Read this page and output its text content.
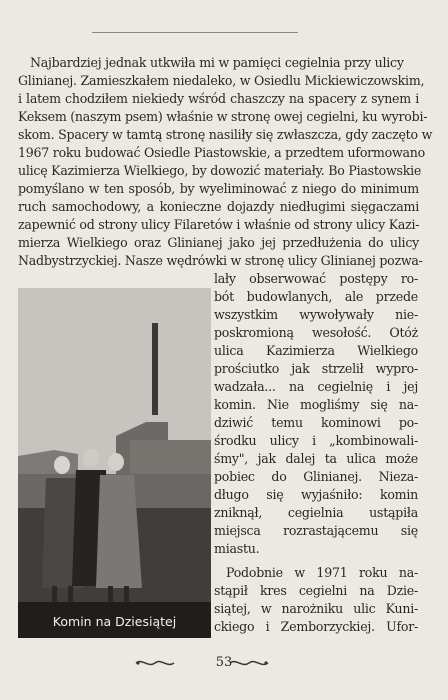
Najbardziej jednak utkwiła mi w pamięci cegielnia przy ulicy

Glinianej. Zamieszkałem niedaleko, w Osiedlu Mickiewiczowskim,

i latem chodziłem niekiedy wśród chaszczy na spacery z synem i

Keksem (naszym psem) właśnie w stronę owej cegielni, ku wyrobi-

skom. Spacery w tamtą stronę nasiliły się zwłaszcza, gdy zaczęto w

1967 roku budować Osiedle Piastowskie, a przedtem uformowano

ulicę Kazimierza Wielkiego, by dowozić materiały. Bo Piastowskie

pomyślano w ten sposób, by wyeliminować z niego do minimum

ruch samochodowy, a konieczne dojazdy niedługimi sięgaczami

zapewnić od strony ulicy Filaretów i właśnie od strony ulicy Kazi-

mierza Wielkiego oraz Glinianej jako jej przedłużenia do ulicy

Nadbystrzyckiej. Nasze wędrówki w stronę ulicy Glinianej pozwa-

lały obserwować postępy ro-

bót budowlanych, ale przede

wszystkim wywoływały nie-

poskromioną wesołość. Otóż

ulica Kazimierza Wielkiego

prościutko jak strzelił wypro-

wadzała... na cegielnię i jej

komin. Nie mogliśmy się na-

dziwić temu kominowi po-

środku ulicy i „kombinowali-

śmy", jak dalej ta ulica może

pobiec do Glinianej. Nieza-

długo się wyjaśniło: komin

zniknął, cegielnia ustąpiła

miejsca rozrastającemu się

miastu.

Podobnie w 1971 roku na-

stąpił kres cegielni na Dzie-

siątej, w narożniku ulic Kuni-

ckiego i Zemborzyckiej. Ufor-

Komin na Dziesiątej
53
